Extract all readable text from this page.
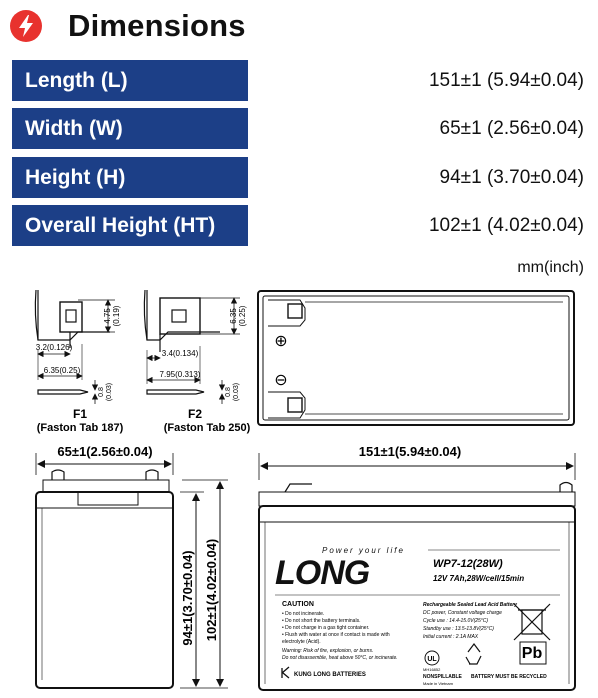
Dimensions
Length (L)	151±1 (5.94±0.04)
Width (W)	65±1 (2.56±0.04)
Height (H)	94±1 (3.70±0.04)
Overall Height (HT)	102±1 (4.02±0.04)
mm(inch)
4.75 (0.19)
3.2(0.126)
6.35(0.25)
0.8 (0.03)
F1
(Faston Tab 187)
6.35 (0.25)
3.4(0.134)
7.95(0.313)
0.8 (0.03)
F2
(Faston Tab 250)
⊕
⊖
65±1(2.56±0.04)
94±1(3.70±0.04) 102±1(4.02±0.04)
151±1(5.94±0.04)
LONG
Power your life
WP7-12(28W)
12V 7Ah,28W/cell/15min
CAUTION
• Do not incinerate.
• Do not short the battery terminals.
• Do not charge in a gas tight container.
• Flush with water at once if contact is made with
electrolyte (Acid).
Warning: Risk of fire, explosion, or burns.
Do not disassemble, heat above 50°C, or incinerate.
Rechargeable Sealed Lead Acid Battery
DC power, Constant voltage charge
Cycle use : 14.4-15.0V(25°C)
Standby use : 13.5-13.8V(25°C)
Initial current : 2.1A MAX
UL
MH16852
Pb
KUNG LONG BATTERIES	NONSPILLABLE BATTERY MUST BE RECYCLED
Made in Vietnam
